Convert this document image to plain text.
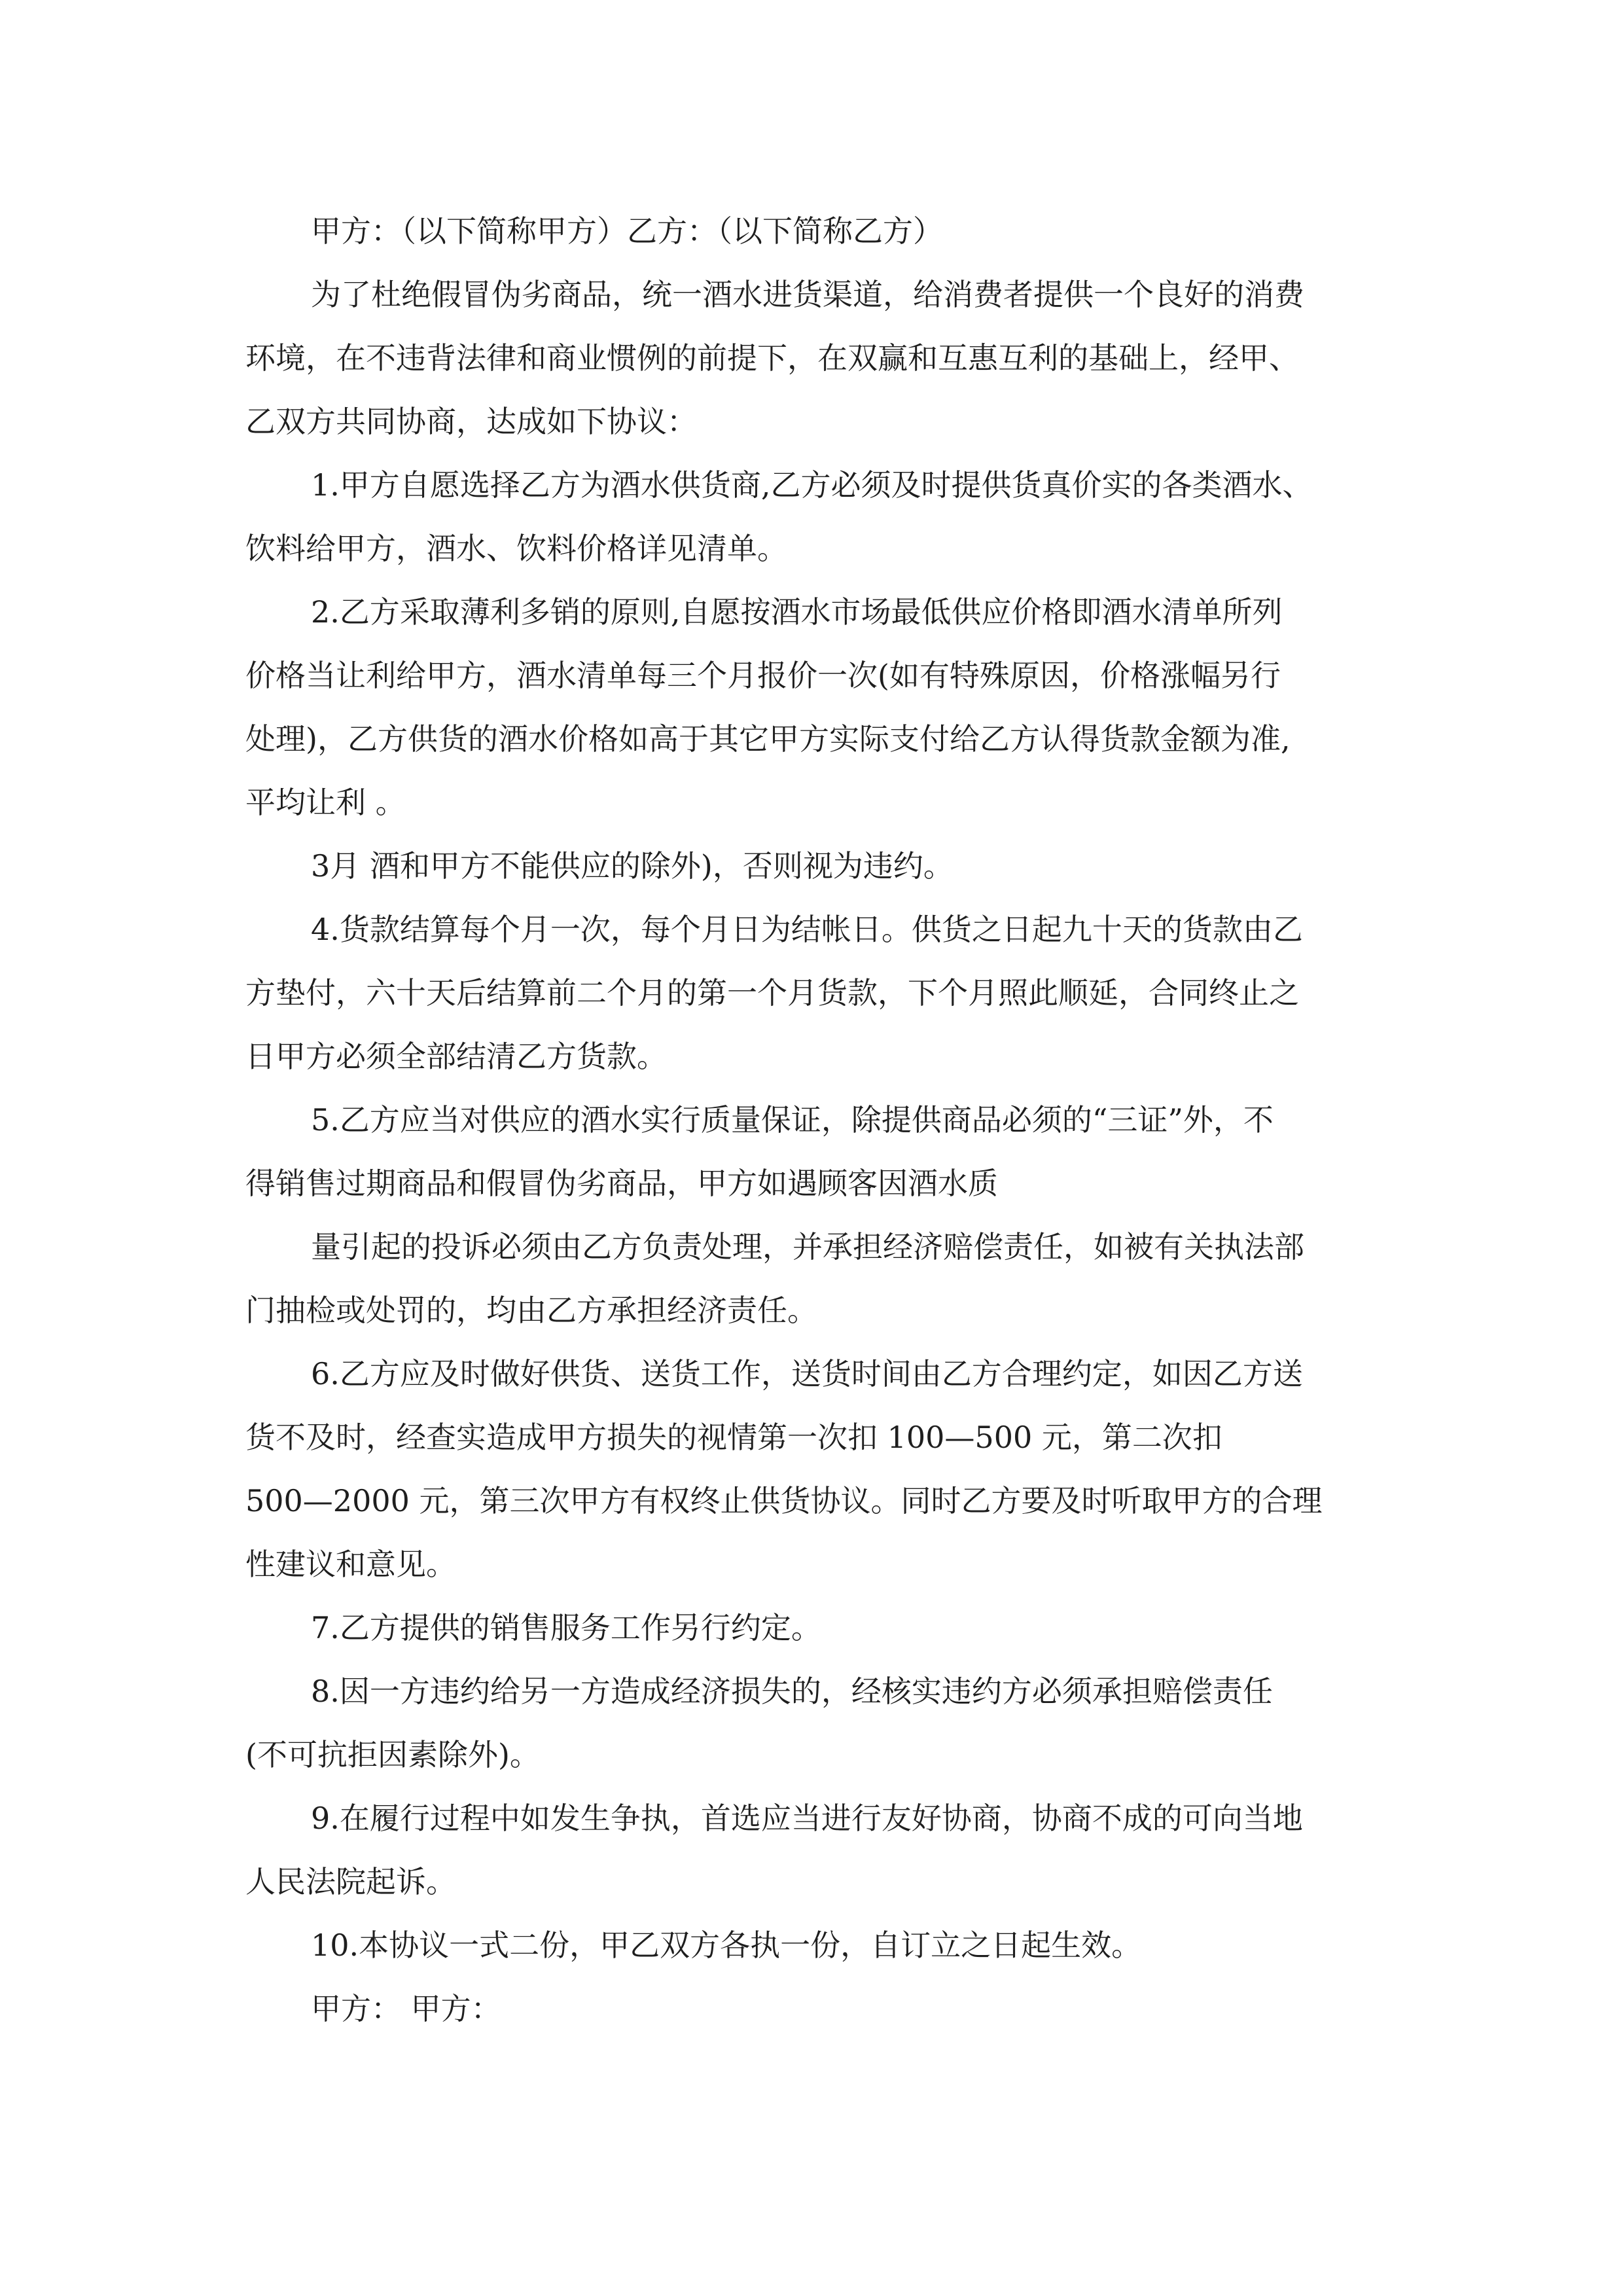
甲方：（以下简称甲方）乙方：（以下简称乙方）
为了杜绝假冒伪劣商品，统一酒水进货渠道，给消费者提供一个良好的消费
环境，在不违背法律和商业惯例的前提下，在双赢和互惠互利的基础上，经甲、
乙双方共同协商，达成如下协议：
1.甲方自愿选择乙方为酒水供货商,乙方必须及时提供货真价实的各类酒水、
饮料给甲方，酒水、饮料价格详见清单。
2.乙方采取薄利多销的原则,自愿按酒水市场最低供应价格即酒水清单所列
价格当让利给甲方，酒水清单每三个月报价一次(如有特殊原因，价格涨幅另行
处理)，乙方供货的酒水价格如高于其它甲方实际支付给乙方认得货款金额为准,
平均让利 。
3月 酒和甲方不能供应的除外)，否则视为违约。
4.货款结算每个月一次，每个月日为结帐日。供货之日起九十天的货款由乙
方垫付，六十天后结算前二个月的第一个月货款，下个月照此顺延，合同终止之
日甲方必须全部结清乙方货款。
5.乙方应当对供应的酒水实行质量保证，除提供商品必须的“三证”外，不
得销售过期商品和假冒伪劣商品，甲方如遇顾客因酒水质
量引起的投诉必须由乙方负责处理，并承担经济赔偿责任，如被有关执法部
门抽检或处罚的，均由乙方承担经济责任。
6.乙方应及时做好供货、送货工作，送货时间由乙方合理约定，如因乙方送
货不及时，经查实造成甲方损失的视情第一次扣 100—500 元，第二次扣
500—2000 元，第三次甲方有权终止供货协议。同时乙方要及时听取甲方的合理
性建议和意见。
7.乙方提供的销售服务工作另行约定。
8.因一方违约给另一方造成经济损失的，经核实违约方必须承担赔偿责任
(不可抗拒因素除外)。
9.在履行过程中如发生争执，首选应当进行友好协商，协商不成的可向当地
人民法院起诉。
10.本协议一式二份，甲乙双方各执一份，自订立之日起生效。
甲方： 甲方：
